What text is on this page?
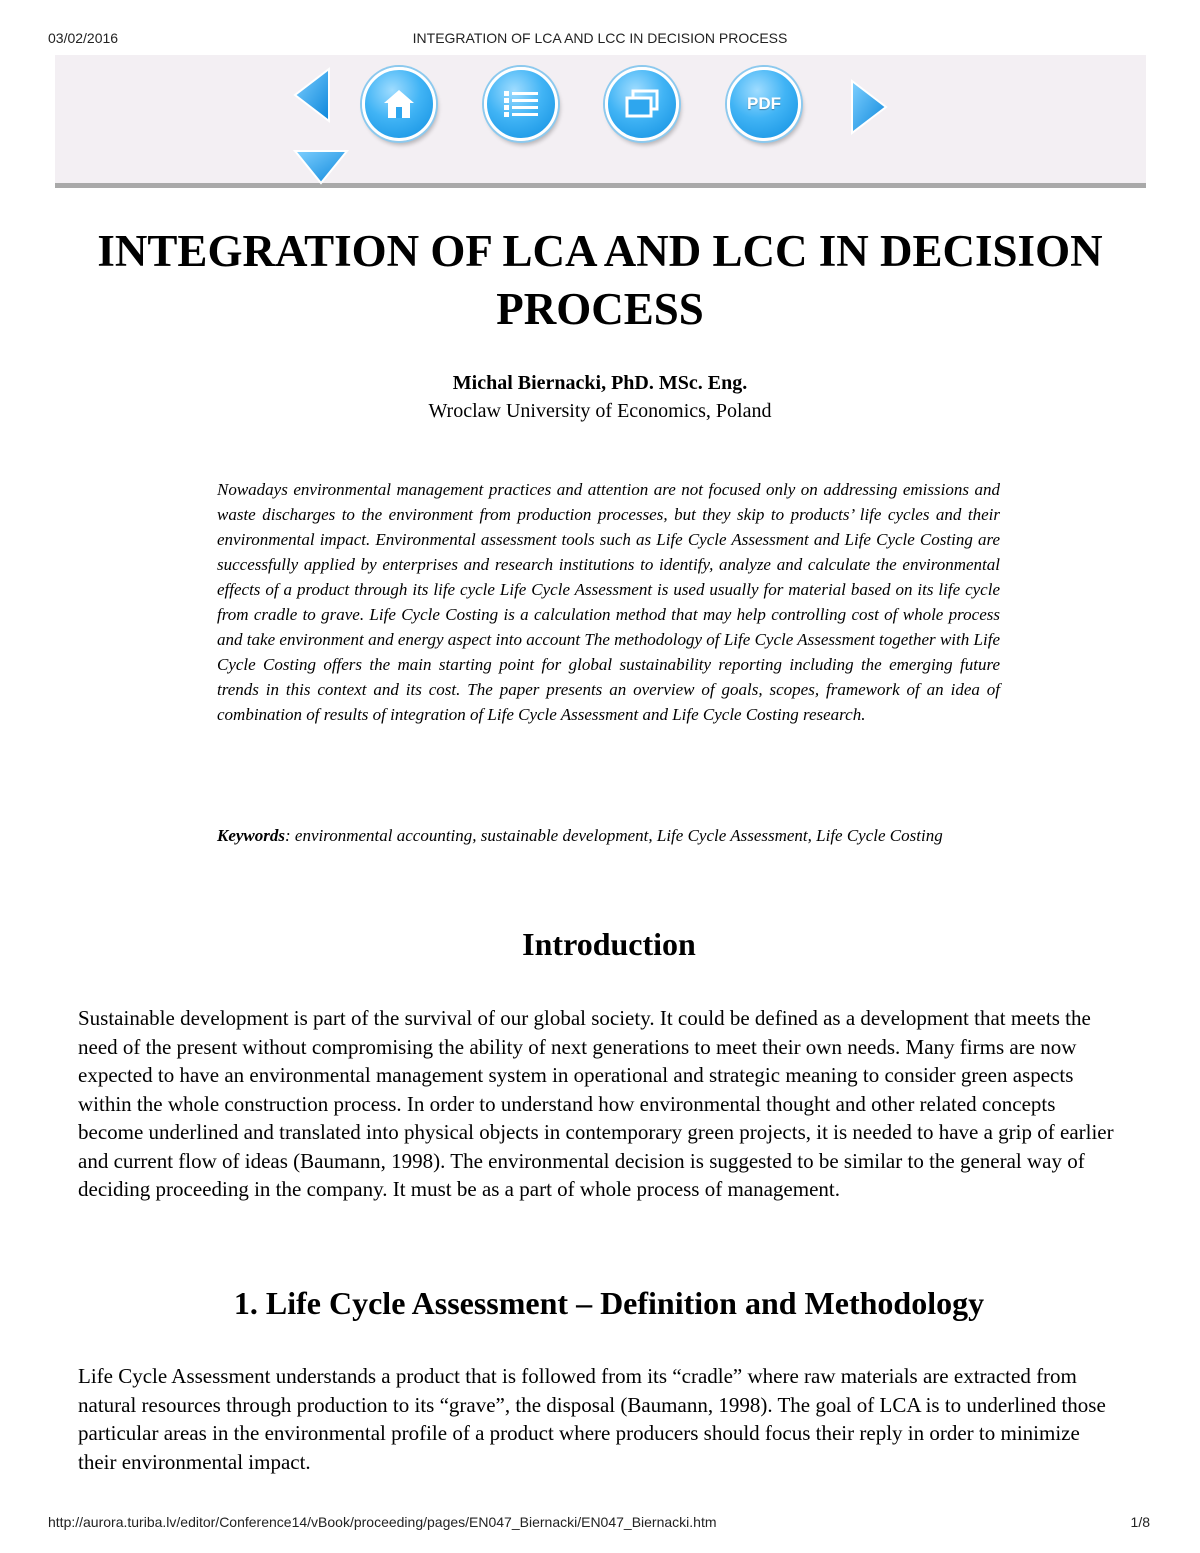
03/02/2016	INTEGRATION OF LCA AND LCC IN DECISION PROCESS
PDF
INTEGRATION OF LCA AND LCC IN DECISION PROCESS

Michal Biernacki, PhD. MSc. Eng.

Wroclaw University of Economics, Poland

Nowadays environmental management practices and attention are not focused only on addressing emissions and waste discharges to the environment from production processes, but they skip to products’ life cycles and their environmental impact. Environmental assessment tools such as Life Cycle Assessment and Life Cycle Costing are successfully applied by enterprises and research institutions to identify, analyze and calculate the environmental effects of a product through its life cycle Life Cycle Assessment is used usually for material based on its life cycle from cradle to grave. Life Cycle Costing is a calculation method that may help controlling cost of whole process and take environment and energy aspect into account The methodology of Life Cycle Assessment together with Life Cycle Costing offers the main starting point for global sustainability reporting including the emerging future trends in this context and its cost. The paper presents an overview of goals, scopes, framework of an idea of combination of results of integration of Life Cycle Assessment and Life Cycle Costing research.

Keywords: environmental accounting, sustainable development, Life Cycle Assessment, Life Cycle Costing

Introduction

Sustainable development is part of the survival of our global society. It could be defined as a development that meets the need of the present without compromising the ability of next generations to meet their own needs. Many firms are now expected to have an environmental management system in operational and strategic meaning to consider green aspects within the whole construction process. In order to understand how environmental thought and other related concepts become underlined and translated into physical objects in contemporary green projects, it is needed to have a grip of earlier and current flow of ideas (Baumann, 1998). The environmental decision is suggested to be similar to the general way of deciding proceeding in the company. It must be as a part of whole process of management.

1. Life Cycle Assessment – Definition and Methodology

Life Cycle Assessment understands a product that is followed from its “cradle” where raw materials are extracted from natural resources through production to its “grave”, the disposal (Baumann, 1998). The goal of LCA is to underlined those particular areas in the environmental profile of a product where producers should focus their reply in order to minimize their environmental impact.

http://aurora.turiba.lv/editor/Conference14/vBook/proceeding/pages/EN047_Biernacki/EN047_Biernacki.htm	1/8
